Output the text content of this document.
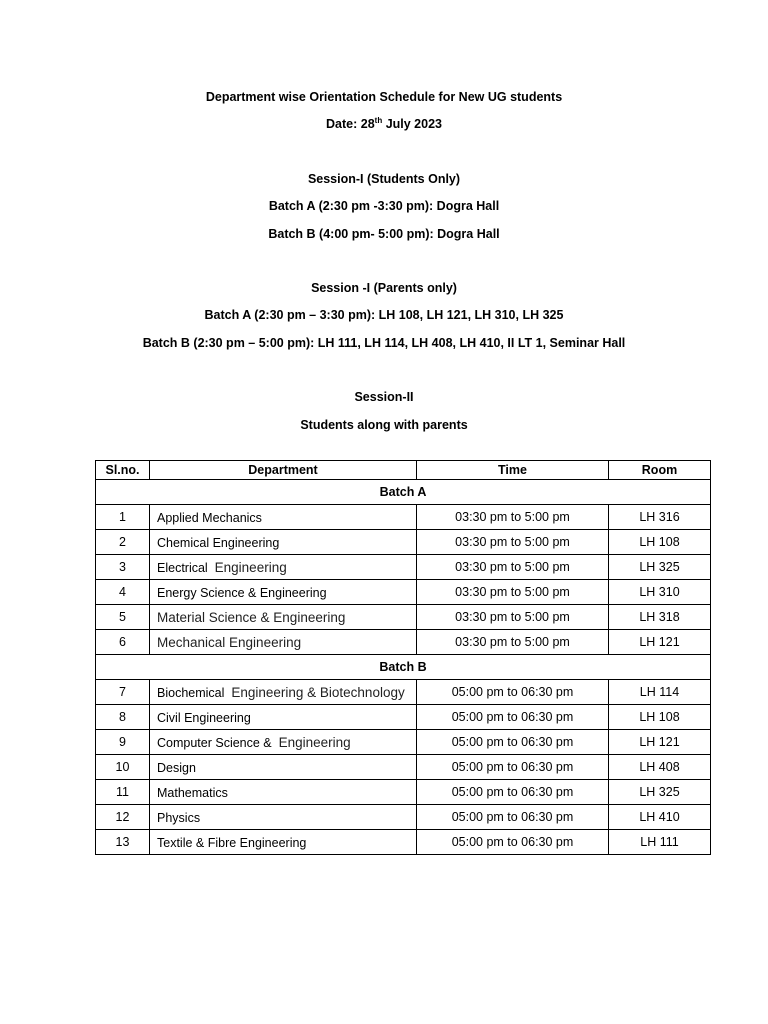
Department wise Orientation Schedule for New UG students
Date: 28th July 2023
Session-I (Students Only)
Batch A (2:30 pm -3:30 pm): Dogra Hall
Batch B (4:00 pm- 5:00 pm): Dogra Hall
Session -I (Parents only)
Batch A (2:30 pm – 3:30 pm): LH 108, LH 121, LH 310, LH 325
Batch B (2:30 pm – 5:00 pm): LH 111, LH 114, LH 408, LH 410, II LT 1, Seminar Hall
Session-II
Students along with parents
Sl.no.	Department	Time	Room
Batch A			
1	Applied Mechanics	03:30 pm to 5:00 pm	LH 316
2	Chemical Engineering	03:30 pm to 5:00 pm	LH 108
3	Electrical  Engineering	03:30 pm to 5:00 pm	LH 325
4	Energy Science & Engineering	03:30 pm to 5:00 pm	LH 310
5	Material Science & Engineering	03:30 pm to 5:00 pm	LH 318
6	Mechanical Engineering	03:30 pm to 5:00 pm	LH 121
Batch B			
7	Biochemical  Engineering & Biotechnology	05:00 pm to 06:30 pm	LH 114
8	Civil Engineering	05:00 pm to 06:30 pm	LH 108
9	Computer Science &  Engineering	05:00 pm to 06:30 pm	LH 121
10	Design	05:00 pm to 06:30 pm	LH 408
11	Mathematics	05:00 pm to 06:30 pm	LH 325
12	Physics	05:00 pm to 06:30 pm	LH 410
13	Textile & Fibre Engineering	05:00 pm to 06:30 pm	LH 111
